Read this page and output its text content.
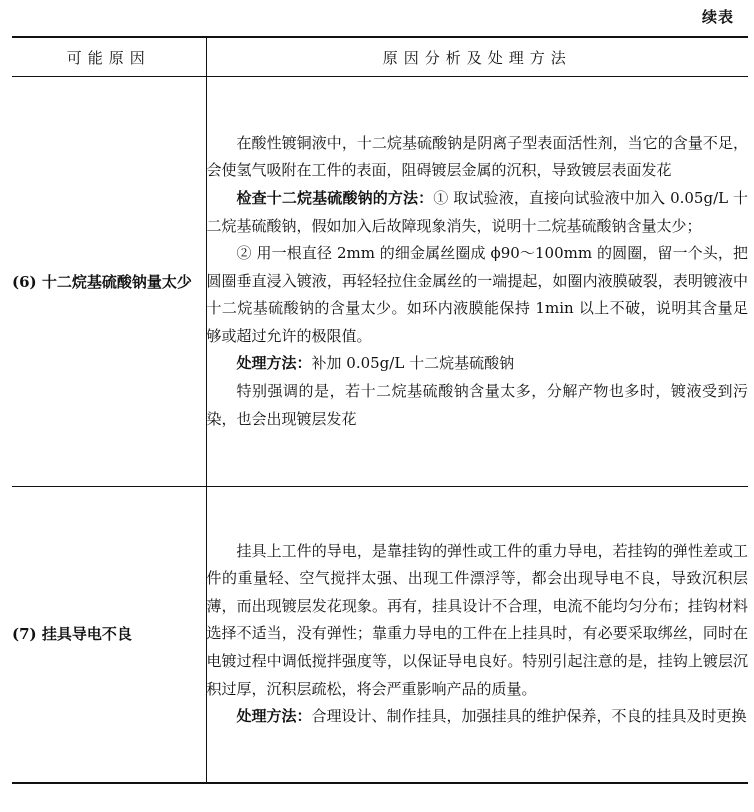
续表
可能原因	原因分析及处理方法
(6) 十二烷基硫酸钠量太少	在酸性镀铜液中，十二烷基硫酸钠是阴离子型表面活性剂，当它的含量不足，会使氢气吸附在工件的表面，阻碍镀层金属的沉积，导致镀层表面发花

检查十二烷基硫酸钠的方法：① 取试验液，直接向试验液中加入 0.05g/L 十二烷基硫酸钠，假如加入后故障现象消失，说明十二烷基硫酸钠含量太少；

② 用一根直径 2mm 的细金属丝圈成 ϕ90～100mm 的圆圈，留一个头，把圆圈垂直浸入镀液，再轻轻拉住金属丝的一端提起，如圈内液膜破裂，表明镀液中十二烷基硫酸钠的含量太少。如环内液膜能保持 1min 以上不破，说明其含量足够或超过允许的极限值。

处理方法：补加 0.05g/L 十二烷基硫酸钠

特别强调的是，若十二烷基硫酸钠含量太多，分解产物也多时，镀液受到污染，也会出现镀层发花

(7) 挂具导电不良	挂具上工件的导电，是靠挂钩的弹性或工件的重力导电，若挂钩的弹性差或工件的重量轻、空气搅拌太强、出现工件漂浮等，都会出现导电不良，导致沉积层薄，而出现镀层发花现象。再有，挂具设计不合理，电流不能均匀分布；挂钩材料选择不适当，没有弹性；靠重力导电的工件在上挂具时，有必要采取绑丝，同时在电镀过程中调低搅拌强度等，以保证导电良好。特别引起注意的是，挂钩上镀层沉积过厚，沉积层疏松，将会严重影响产品的质量。

处理方法：合理设计、制作挂具，加强挂具的维护保养，不良的挂具及时更换
